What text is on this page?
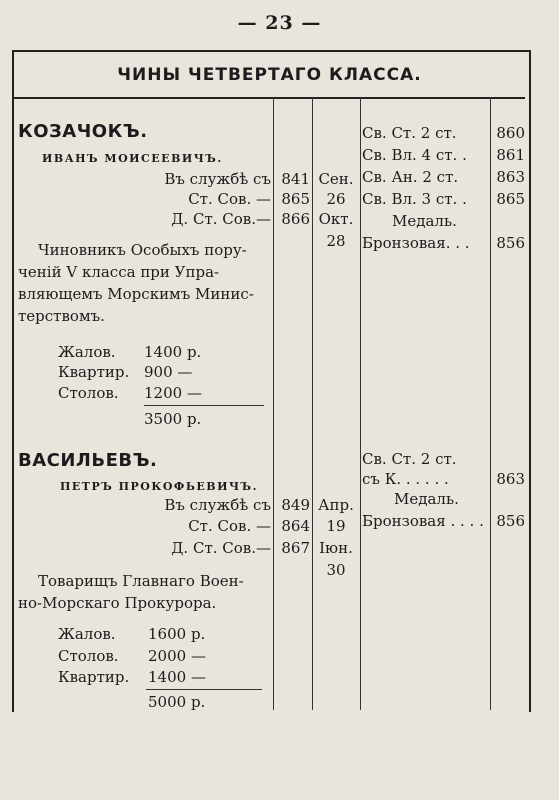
— 23 —
ЧИНЫ ЧЕТВЕРТАГО КЛАССА.
КОЗАЧОКЪ.
ИВАНЪ МОИСЕЕВИЧЪ.
Въ службѣ съ
Ст. Сов. —
Д. Ст. Сов.—
841
865
866
Сен.
26
Окт.
28
Чиновникъ Особыхъ пору-
ченій V класса при Упра-
вляющемъ Морскимъ Минис-
терствомъ.
Жалов.
Квартир.
Столов.
1400 р.
900 —
1200 —
3500 р.
Св. Ст. 2 ст.
Св. Вл. 4 ст. .
Св. Ан. 2 ст.
Св. Вл. 3 ст. .
Медаль.
Бронзовая. . .
860
861
863
865
856
ВАСИЛЬЕВЪ.
ПЕТРЪ ПРОКОФЬЕВИЧЪ.
Въ службѣ съ
Ст. Сов. —
Д. Ст. Сов.—
849
864
867
Апр.
19
Іюн.
30
Товарищъ Главнаго Воен-
но-Морскаго Прокурора.
Жалов.
Столов.
Квартир.
1600 р.
2000 —
1400 —
5000 р.
Св. Ст. 2 ст.
съ К. . . . . .
Медаль.
Бронзовая . . . .
863
856
